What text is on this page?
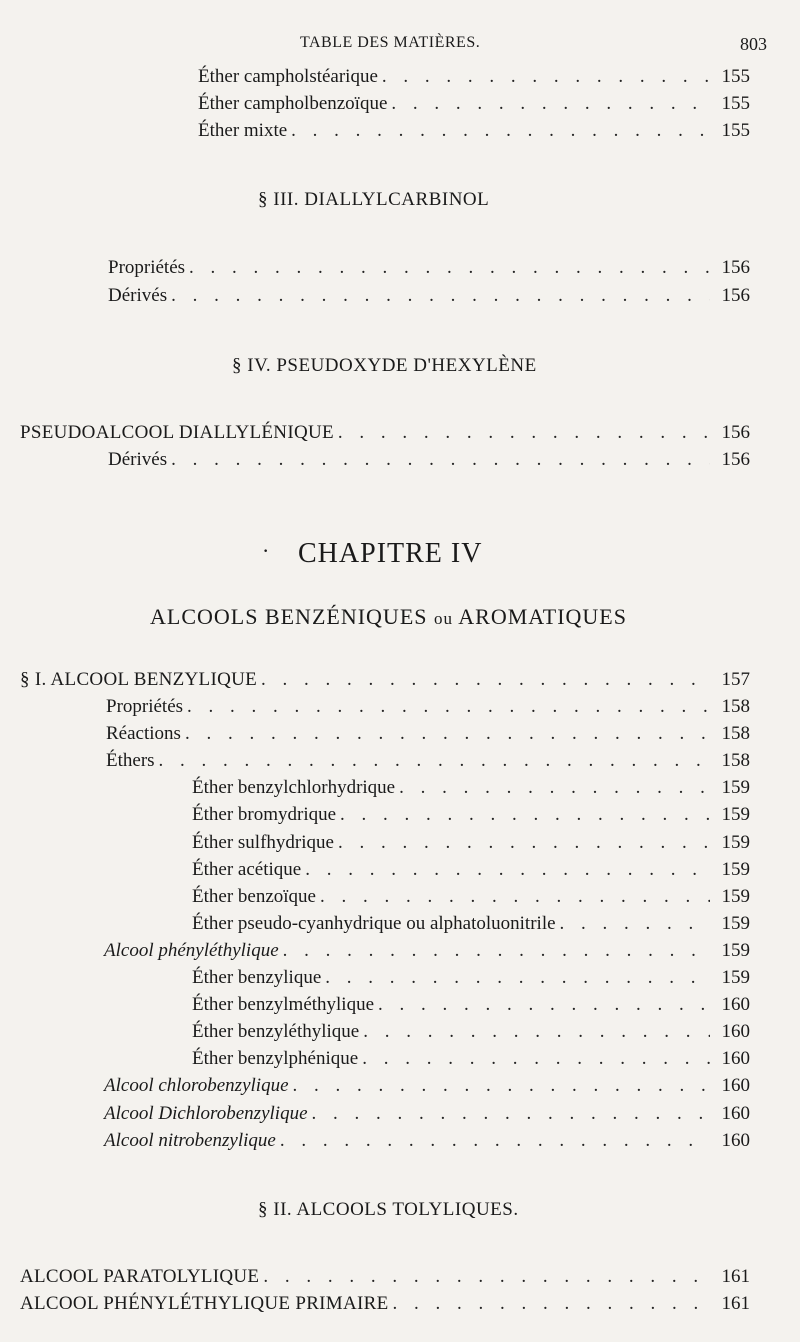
TABLE DES MATIÈRES.	803
Éther campholstéarique . . .	155
Éther campholbenzoïque . . .	155
Éther mixte . . .	155
§ III. DIALLYLCARBINOL
Propriétés . . .	156
Dérivés . . .	156
§ IV. PSEUDOXYDE D'HEXYLÈNE
PSEUDOALCOOL DIALLYLÉNIQUE . . .	156
Dérivés . . .	156
· CHAPITRE IV
ALCOOLS BENZÉNIQUES ou AROMATIQUES
§ I. ALCOOL BENZYLIQUE . . .	157
Propriétés . . .	158
Réactions . . .	158
Éthers . . .	158
Éther benzylchlorhydrique . . .	159
Éther bromydrique . . .	159
Éther sulfhydrique . . .	159
Éther acétique . . .	159
Éther benzoïque . . .	159
Éther pseudo-cyanhydrique ou alphatoluonitrile . . .	159
Alcool phényléthylique . . .	159
Éther benzylique . . .	159
Éther benzylméthylique . . .	160
Éther benzyléthylique . . .	160
Éther benzylphénique . . .	160
Alcool chlorobenzylique . . .	160
Alcool Dichlorobenzylique . . .	160
Alcool nitrobenzylique . . .	160
§ II. ALCOOLS TOLYLIQUES.
ALCOOL PARATOLYLIQUE . . .	161
ALCOOL PHÉNYLÉTHYLIQUE PRIMAIRE . . .	161
